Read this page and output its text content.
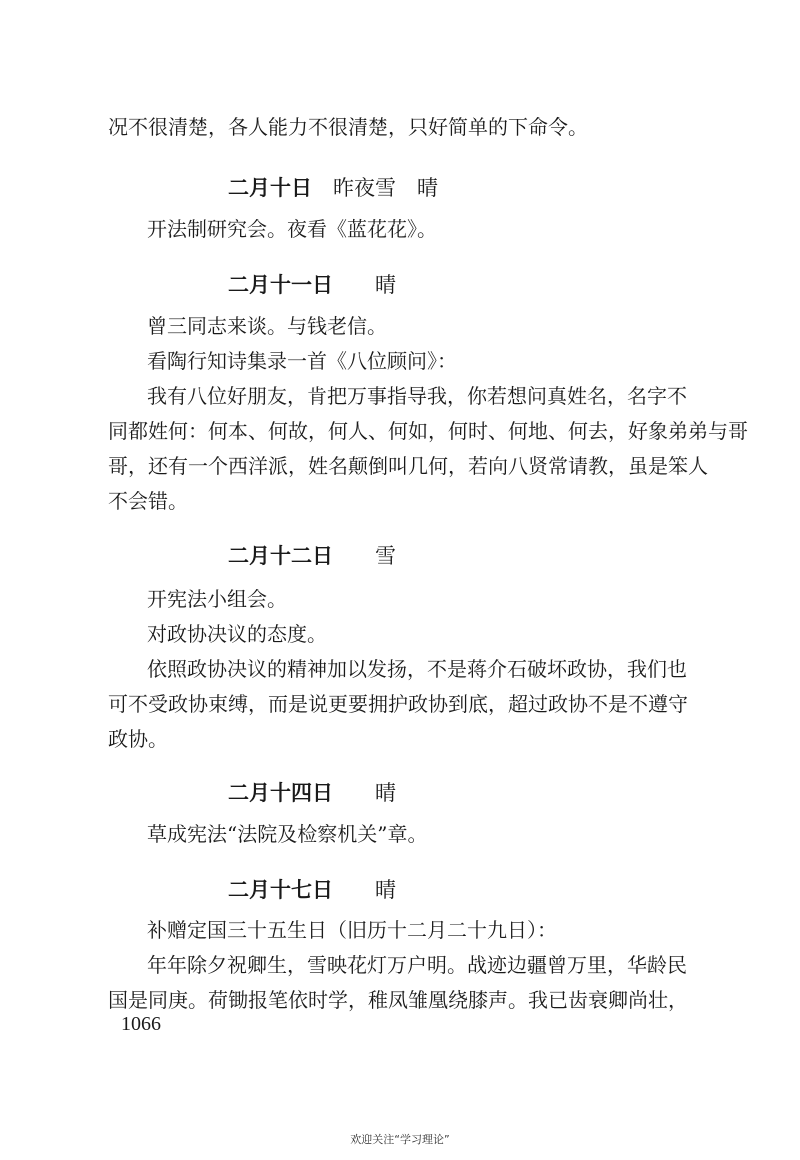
况不很清楚，各人能力不很清楚，只好简单的下命令。

二月十日　 昨夜雪　晴

开法制研究会。夜看《蓝花花》。

二月十一日　　 晴

曾三同志来谈。与钱老信。

看陶行知诗集录一首《八位顾问》：

我有八位好朋友，肯把万事指导我，你若想问真姓名，名字不

同都姓何：何本、何故，何人、何如，何时、何地、何去，好象弟弟与哥

哥，还有一个西洋派，姓名颠倒叫几何，若向八贤常请教，虽是笨人

不会错。

二月十二日　　 雪

开宪法小组会。

对政协决议的态度。

依照政协决议的精神加以发扬，不是蒋介石破坏政协，我们也

可不受政协束缚，而是说更要拥护政协到底，超过政协不是不遵守

政协。

二月十四日　　 晴

草成宪法“法院及检察机关”章。

二月十七日　　 晴

补赠定国三十五生日（旧历十二月二十九日）：

年年除夕祝卿生，雪映花灯万户明。战迹边疆曾万里，华龄民

国是同庚。荷锄报笔依时学，稚凤雏凰绕膝声。我已齿衰卿尚壮，

1066

欢迎关注“学习理论”
